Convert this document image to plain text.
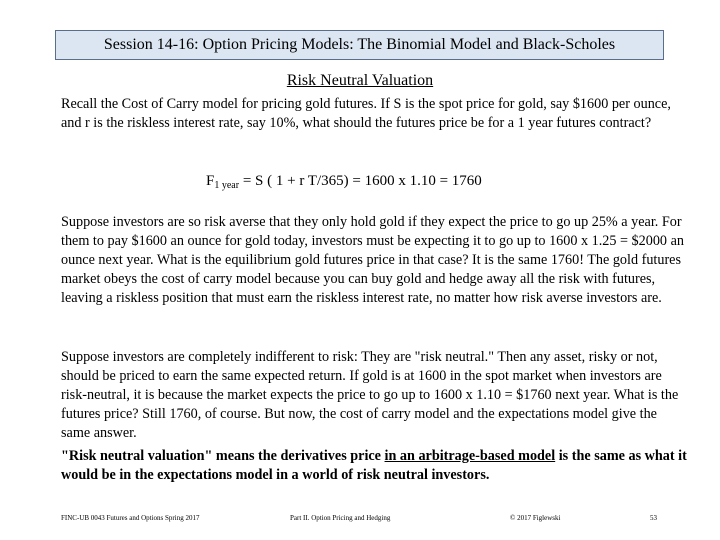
Session 14-16: Option Pricing Models: The Binomial Model and Black-Scholes
Risk Neutral Valuation

Recall the Cost of Carry model for pricing gold futures. If S is the spot price for gold, say $1600 per ounce, and r is the riskless interest rate, say 10%, what should the futures price be for a 1 year futures contract?

$F_{1 year} = S$ ( 1 + r T/365) = 1600 x 1.10 = 1760

Suppose investors are so risk averse that they only hold gold if they expect the price to go up 25% a year. For them to pay $1600 an ounce for gold today, investors must be expecting it to go up to 1600 x 1.25 = $2000 an ounce next year. What is the equilibrium gold futures price in that case? It is the same 1760! The gold futures market obeys the cost of carry model because you can buy gold and hedge away all the risk with futures, leaving a riskless position that must earn the riskless interest rate, no matter how risk averse investors are.

Suppose investors are completely indifferent to risk: They are "risk neutral." Then any asset, risky or not, should be priced to earn the same expected return. If gold is at 1600 in the spot market when investors are risk-neutral, it is because the market expects the price to go up to 1600 x 1.10 = $1760 next year. What is the futures price? Still 1760, of course. But now, the cost of carry model and the expectations model give the same answer.

"Risk neutral valuation" means the derivatives price in an arbitrage-based model is the same as what it would be in the expectations model in a world of risk neutral investors.

FINC-UB 0043 Futures and Options Spring 2017	Part II. Option Pricing and Hedging	© 2017 Figlewski	53
